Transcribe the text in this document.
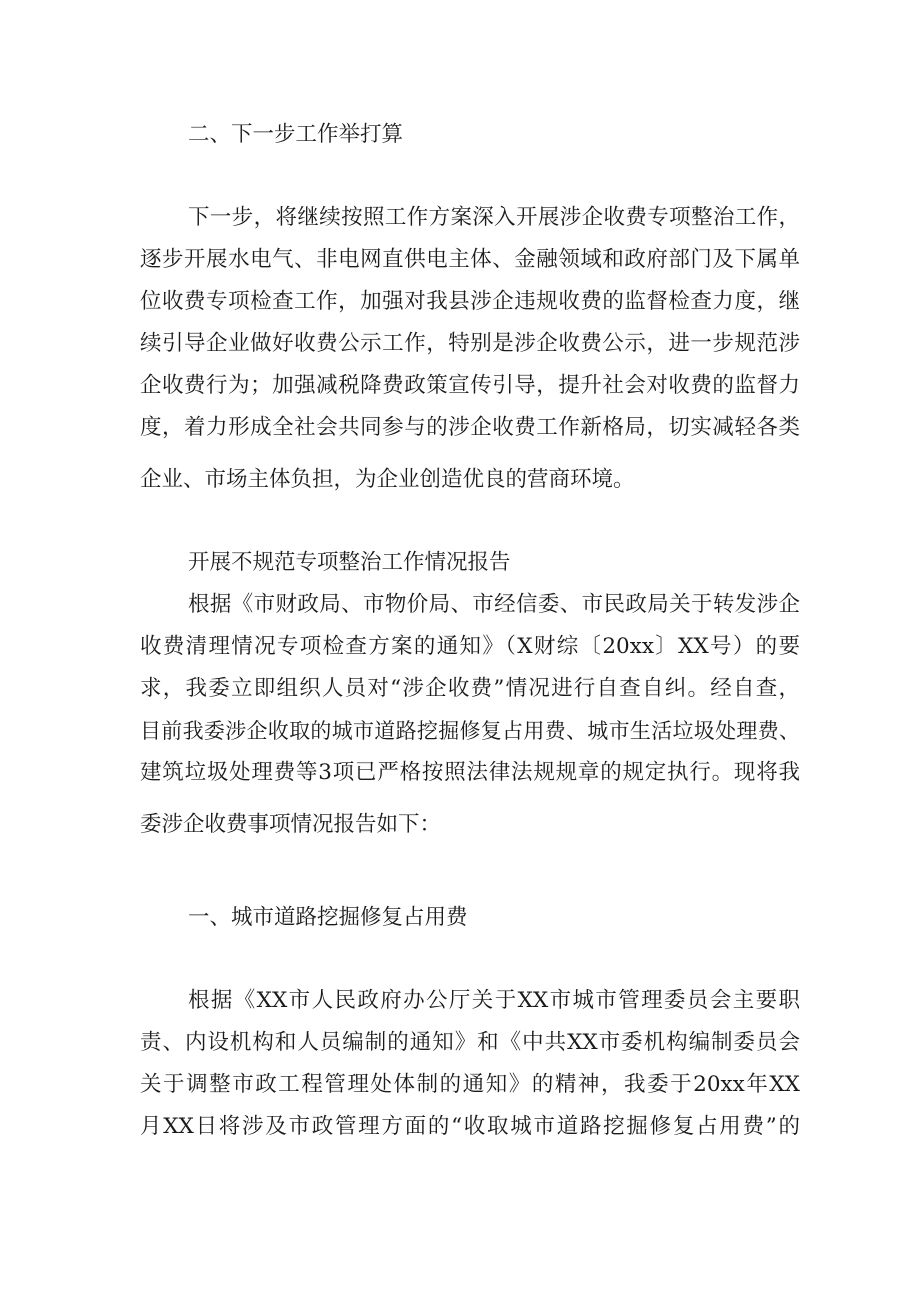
二、下一步工作举打算
下一步，将继续按照工作方案深入开展涉企收费专项整治工作，
逐步开展水电气、非电网直供电主体、金融领域和政府部门及下属单
位收费专项检查工作，加强对我县涉企违规收费的监督检查力度，继
续引导企业做好收费公示工作，特别是涉企收费公示，进一步规范涉
企收费行为；加强减税降费政策宣传引导，提升社会对收费的监督力
度，着力形成全社会共同参与的涉企收费工作新格局，切实减轻各类
企业、市场主体负担，为企业创造优良的营商环境。
开展不规范专项整治工作情况报告
根据《市财政局、市物价局、市经信委、市民政局关于转发涉企
收费清理情况专项检查方案的通知》（X财综〔20xx〕XX号）的要
求，我委立即组织人员对“涉企收费”情况进行自查自纠。经自查，
目前我委涉企收取的城市道路挖掘修复占用费、城市生活垃圾处理费、
建筑垃圾处理费等3项已严格按照法律法规规章的规定执行。现将我
委涉企收费事项情况报告如下：
一、城市道路挖掘修复占用费
根据《XX市人民政府办公厅关于XX市城市管理委员会主要职
责、内设机构和人员编制的通知》和《中共XX市委机构编制委员会
关于调整市政工程管理处体制的通知》的精神，我委于20xx年XX
月XX日将涉及市政管理方面的“收取城市道路挖掘修复占用费”的
